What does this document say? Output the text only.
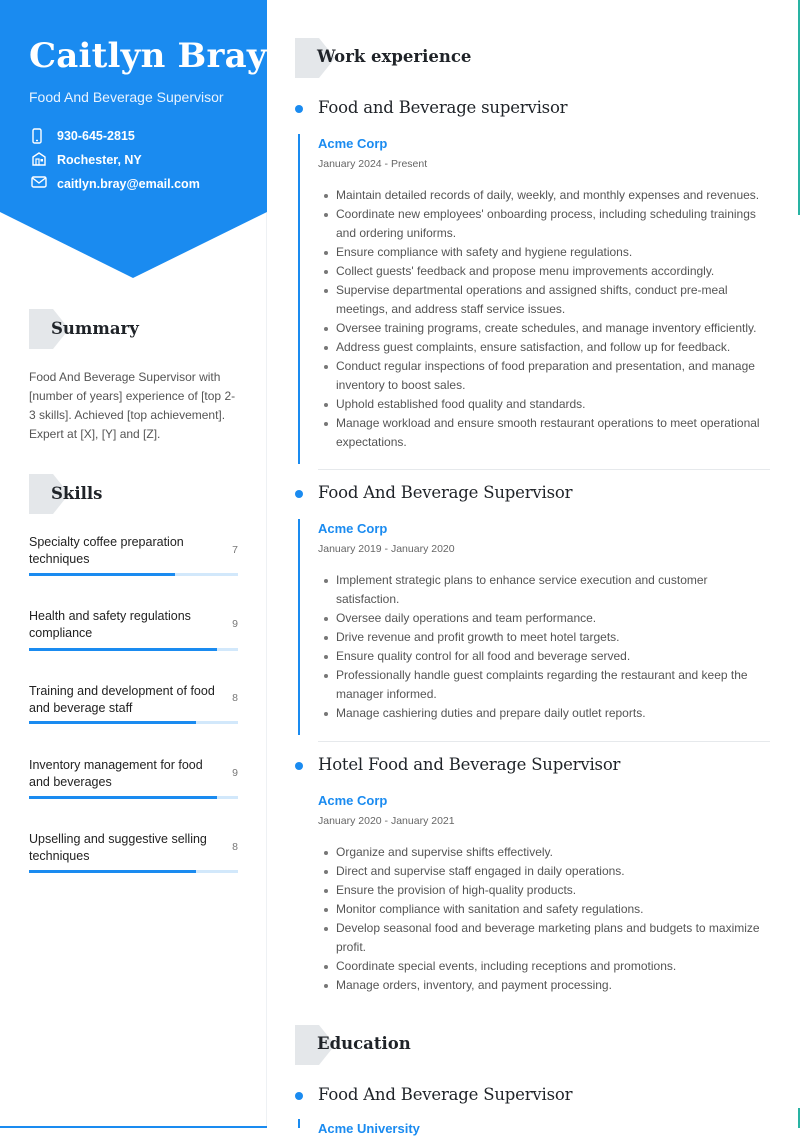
Caitlyn Bray
Food And Beverage Supervisor
930-645-2815
Rochester, NY
caitlyn.bray@email.com
Summary
Food And Beverage Supervisor with [number of years] experience of [top 2-3 skills]. Achieved [top achievement]. Expert at [X], [Y] and [Z].
Skills
Specialty coffee preparation techniques
7
Health and safety regulations compliance
9
Training and development of food and beverage staff
8
Inventory management for food and beverages
9
Upselling and suggestive selling techniques
8
Work experience
Food and Beverage supervisor
Acme Corp
January 2024 - Present
Maintain detailed records of daily, weekly, and monthly expenses and revenues.
Coordinate new employees' onboarding process, including scheduling trainings and ordering uniforms.
Ensure compliance with safety and hygiene regulations.
Collect guests' feedback and propose menu improvements accordingly.
Supervise departmental operations and assigned shifts, conduct pre-meal meetings, and address staff service issues.
Oversee training programs, create schedules, and manage inventory efficiently.
Address guest complaints, ensure satisfaction, and follow up for feedback.
Conduct regular inspections of food preparation and presentation, and manage inventory to boost sales.
Uphold established food quality and standards.
Manage workload and ensure smooth restaurant operations to meet operational expectations.
Food And Beverage Supervisor
Acme Corp
January 2019 - January 2020
Implement strategic plans to enhance service execution and customer satisfaction.
Oversee daily operations and team performance.
Drive revenue and profit growth to meet hotel targets.
Ensure quality control for all food and beverage served.
Professionally handle guest complaints regarding the restaurant and keep the manager informed.
Manage cashiering duties and prepare daily outlet reports.
Hotel Food and Beverage Supervisor
Acme Corp
January 2020 - January 2021
Organize and supervise shifts effectively.
Direct and supervise staff engaged in daily operations.
Ensure the provision of high-quality products.
Monitor compliance with sanitation and safety regulations.
Develop seasonal food and beverage marketing plans and budgets to maximize profit.
Coordinate special events, including receptions and promotions.
Manage orders, inventory, and payment processing.
Education
Food And Beverage Supervisor
Acme University
